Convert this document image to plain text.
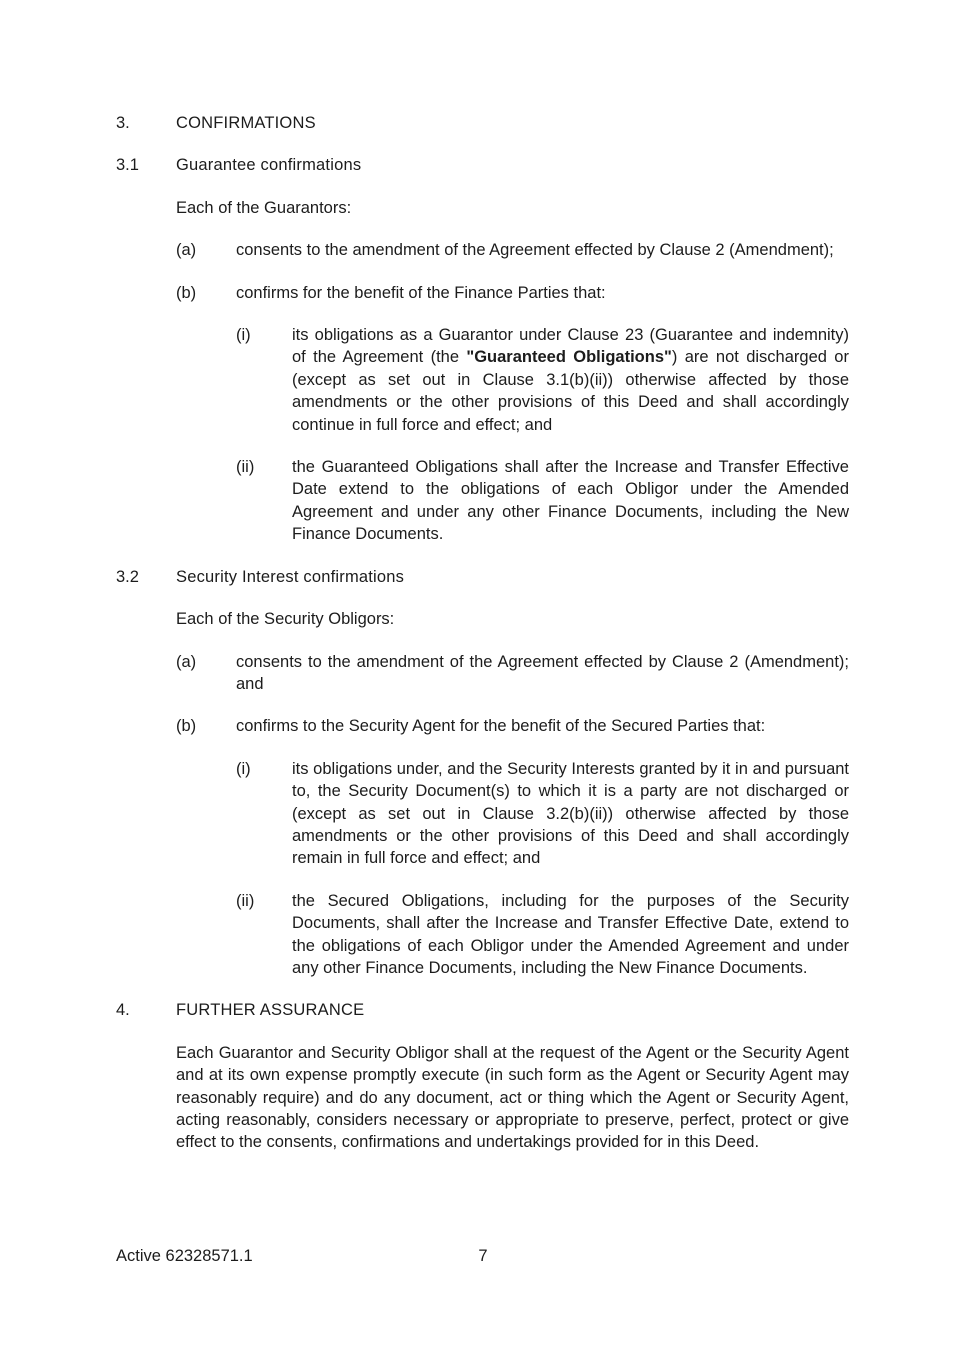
3.	CONFIRMATIONS
3.1	Guarantee confirmations
Each of the Guarantors:
(a)	consents to the amendment of the Agreement effected by Clause 2 (Amendment);
(b)	confirms for the benefit of the Finance Parties that:
(i)	its obligations as a Guarantor under Clause 23 (Guarantee and indemnity) of the Agreement (the "Guaranteed Obligations") are not discharged or (except as set out in Clause 3.1(b)(ii)) otherwise affected by those amendments or the other provisions of this Deed and shall accordingly continue in full force and effect; and
(ii)	the Guaranteed Obligations shall after the Increase and Transfer Effective Date extend to the obligations of each Obligor under the Amended Agreement and under any other Finance Documents, including the New Finance Documents.
3.2	Security Interest confirmations
Each of the Security Obligors:
(a)	consents to the amendment of the Agreement effected by Clause 2 (Amendment); and
(b)	confirms to the Security Agent for the benefit of the Secured Parties that:
(i)	its obligations under, and the Security Interests granted by it in and pursuant to, the Security Document(s) to which it is a party are not discharged or (except as set out in Clause 3.2(b)(ii)) otherwise affected by those amendments or the other provisions of this Deed and shall accordingly remain in full force and effect; and
(ii)	the Secured Obligations, including for the purposes of the Security Documents, shall after the Increase and Transfer Effective Date, extend to the obligations of each Obligor under the Amended Agreement and under any other Finance Documents, including the New Finance Documents.
4.	FURTHER ASSURANCE
Each Guarantor and Security Obligor shall at the request of the Agent or the Security Agent and at its own expense promptly execute (in such form as the Agent or Security Agent may reasonably require) and do any document, act or thing which the Agent or Security Agent, acting reasonably, considers necessary or appropriate to preserve, perfect, protect or give effect to the consents, confirmations and undertakings provided for in this Deed.
Active 62328571.1	7
